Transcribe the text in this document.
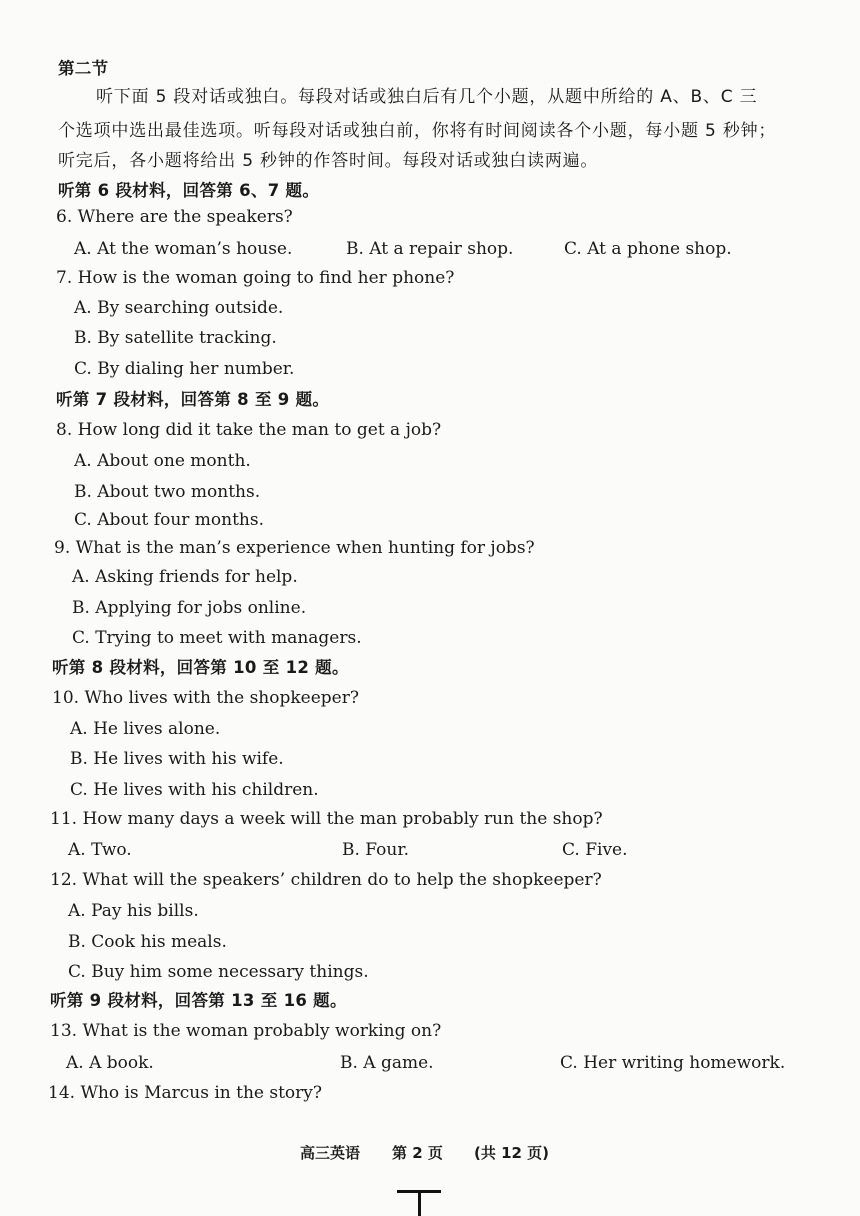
第二节
听下面 5 段对话或独白。每段对话或独白后有几个小题，从题中所给的 A、B、C 三
个选项中选出最佳选项。听每段对话或独白前，你将有时间阅读各个小题，每小题 5 秒钟；
听完后，各小题将给出 5 秒钟的作答时间。每段对话或独白读两遍。
听第 6 段材料，回答第 6、7 题。
6. Where are the speakers?
A. At the woman’s house.	B. At a repair shop.	C. At a phone shop.
7. How is the woman going to find her phone?
A. By searching outside.
B. By satellite tracking.
C. By dialing her number.
听第 7 段材料，回答第 8 至 9 题。
8. How long did it take the man to get a job?
A. About one month.
B. About two months.
C. About four months.
9. What is the man’s experience when hunting for jobs?
A. Asking friends for help.
B. Applying for jobs online.
C. Trying to meet with managers.
听第 8 段材料，回答第 10 至 12 题。
10. Who lives with the shopkeeper?
A. He lives alone.
B. He lives with his wife.
C. He lives with his children.
11. How many days a week will the man probably run the shop?
A. Two.	B. Four.	C. Five.
12. What will the speakers’ children do to help the shopkeeper?
A. Pay his bills.
B. Cook his meals.
C. Buy him some necessary things.
听第 9 段材料，回答第 13 至 16 题。
13. What is the woman probably working on?
A. A book.	B. A game.	C. Her writing homework.
14. Who is Marcus in the story?
高三英语 第 2 页 (共 12 页)
